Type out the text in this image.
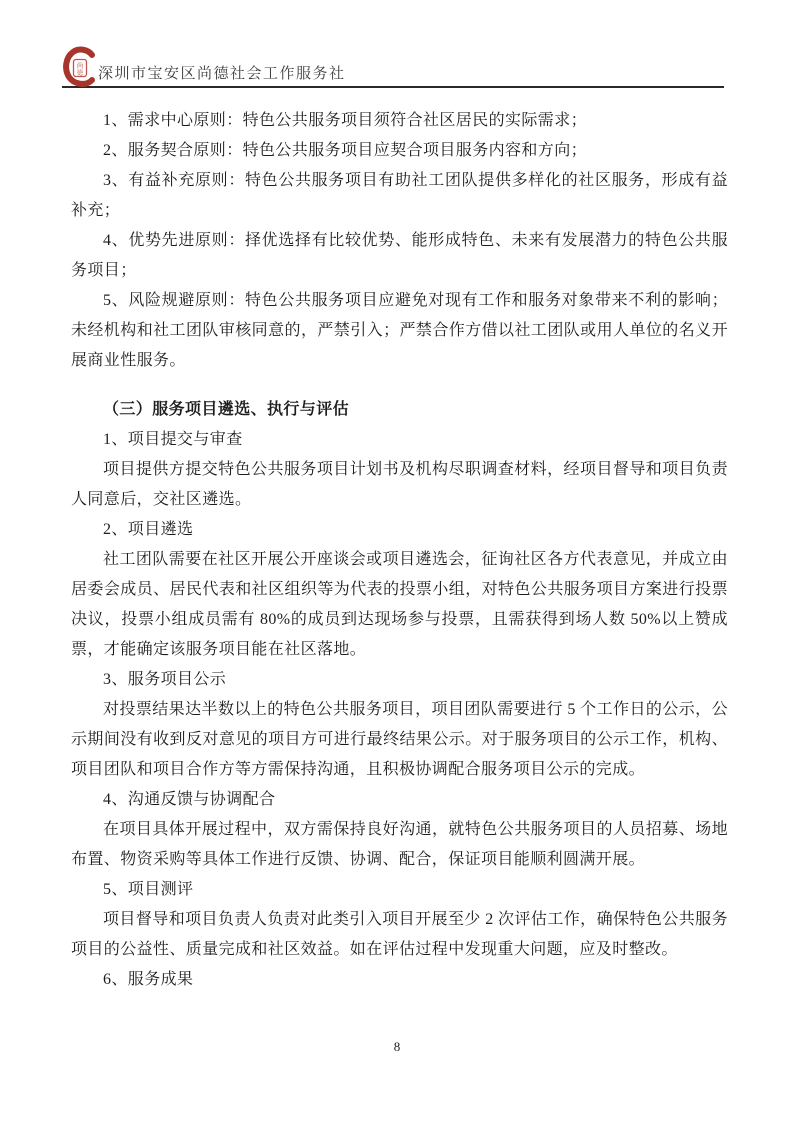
尚
德 深圳市宝安区尚德社会工作服务社

1、需求中心原则：特色公共服务项目须符合社区居民的实际需求；

2、服务契合原则：特色公共服务项目应契合项目服务内容和方向；

3、有益补充原则：特色公共服务项目有助社工团队提供多样化的社区服务，形成有益补充；

4、优势先进原则：择优选择有比较优势、能形成特色、未来有发展潜力的特色公共服务项目；

5、风险规避原则：特色公共服务项目应避免对现有工作和服务对象带来不利的影响；未经机构和社工团队审核同意的，严禁引入；严禁合作方借以社工团队或用人单位的名义开展商业性服务。

（三）服务项目遴选、执行与评估

1、项目提交与审查

项目提供方提交特色公共服务项目计划书及机构尽职调查材料，经项目督导和项目负责人同意后，交社区遴选。

2、项目遴选

社工团队需要在社区开展公开座谈会或项目遴选会，征询社区各方代表意见，并成立由居委会成员、居民代表和社区组织等为代表的投票小组，对特色公共服务项目方案进行投票决议，投票小组成员需有 80%的成员到达现场参与投票，且需获得到场人数 50%以上赞成票，才能确定该服务项目能在社区落地。

3、服务项目公示

对投票结果达半数以上的特色公共服务项目，项目团队需要进行 5 个工作日的公示，公示期间没有收到反对意见的项目方可进行最终结果公示。对于服务项目的公示工作，机构、项目团队和项目合作方等方需保持沟通，且积极协调配合服务项目公示的完成。

4、沟通反馈与协调配合

在项目具体开展过程中，双方需保持良好沟通，就特色公共服务项目的人员招募、场地布置、物资采购等具体工作进行反馈、协调、配合，保证项目能顺利圆满开展。

5、项目测评

项目督导和项目负责人负责对此类引入项目开展至少 2 次评估工作，确保特色公共服务项目的公益性、质量完成和社区效益。如在评估过程中发现重大问题，应及时整改。

6、服务成果

8
